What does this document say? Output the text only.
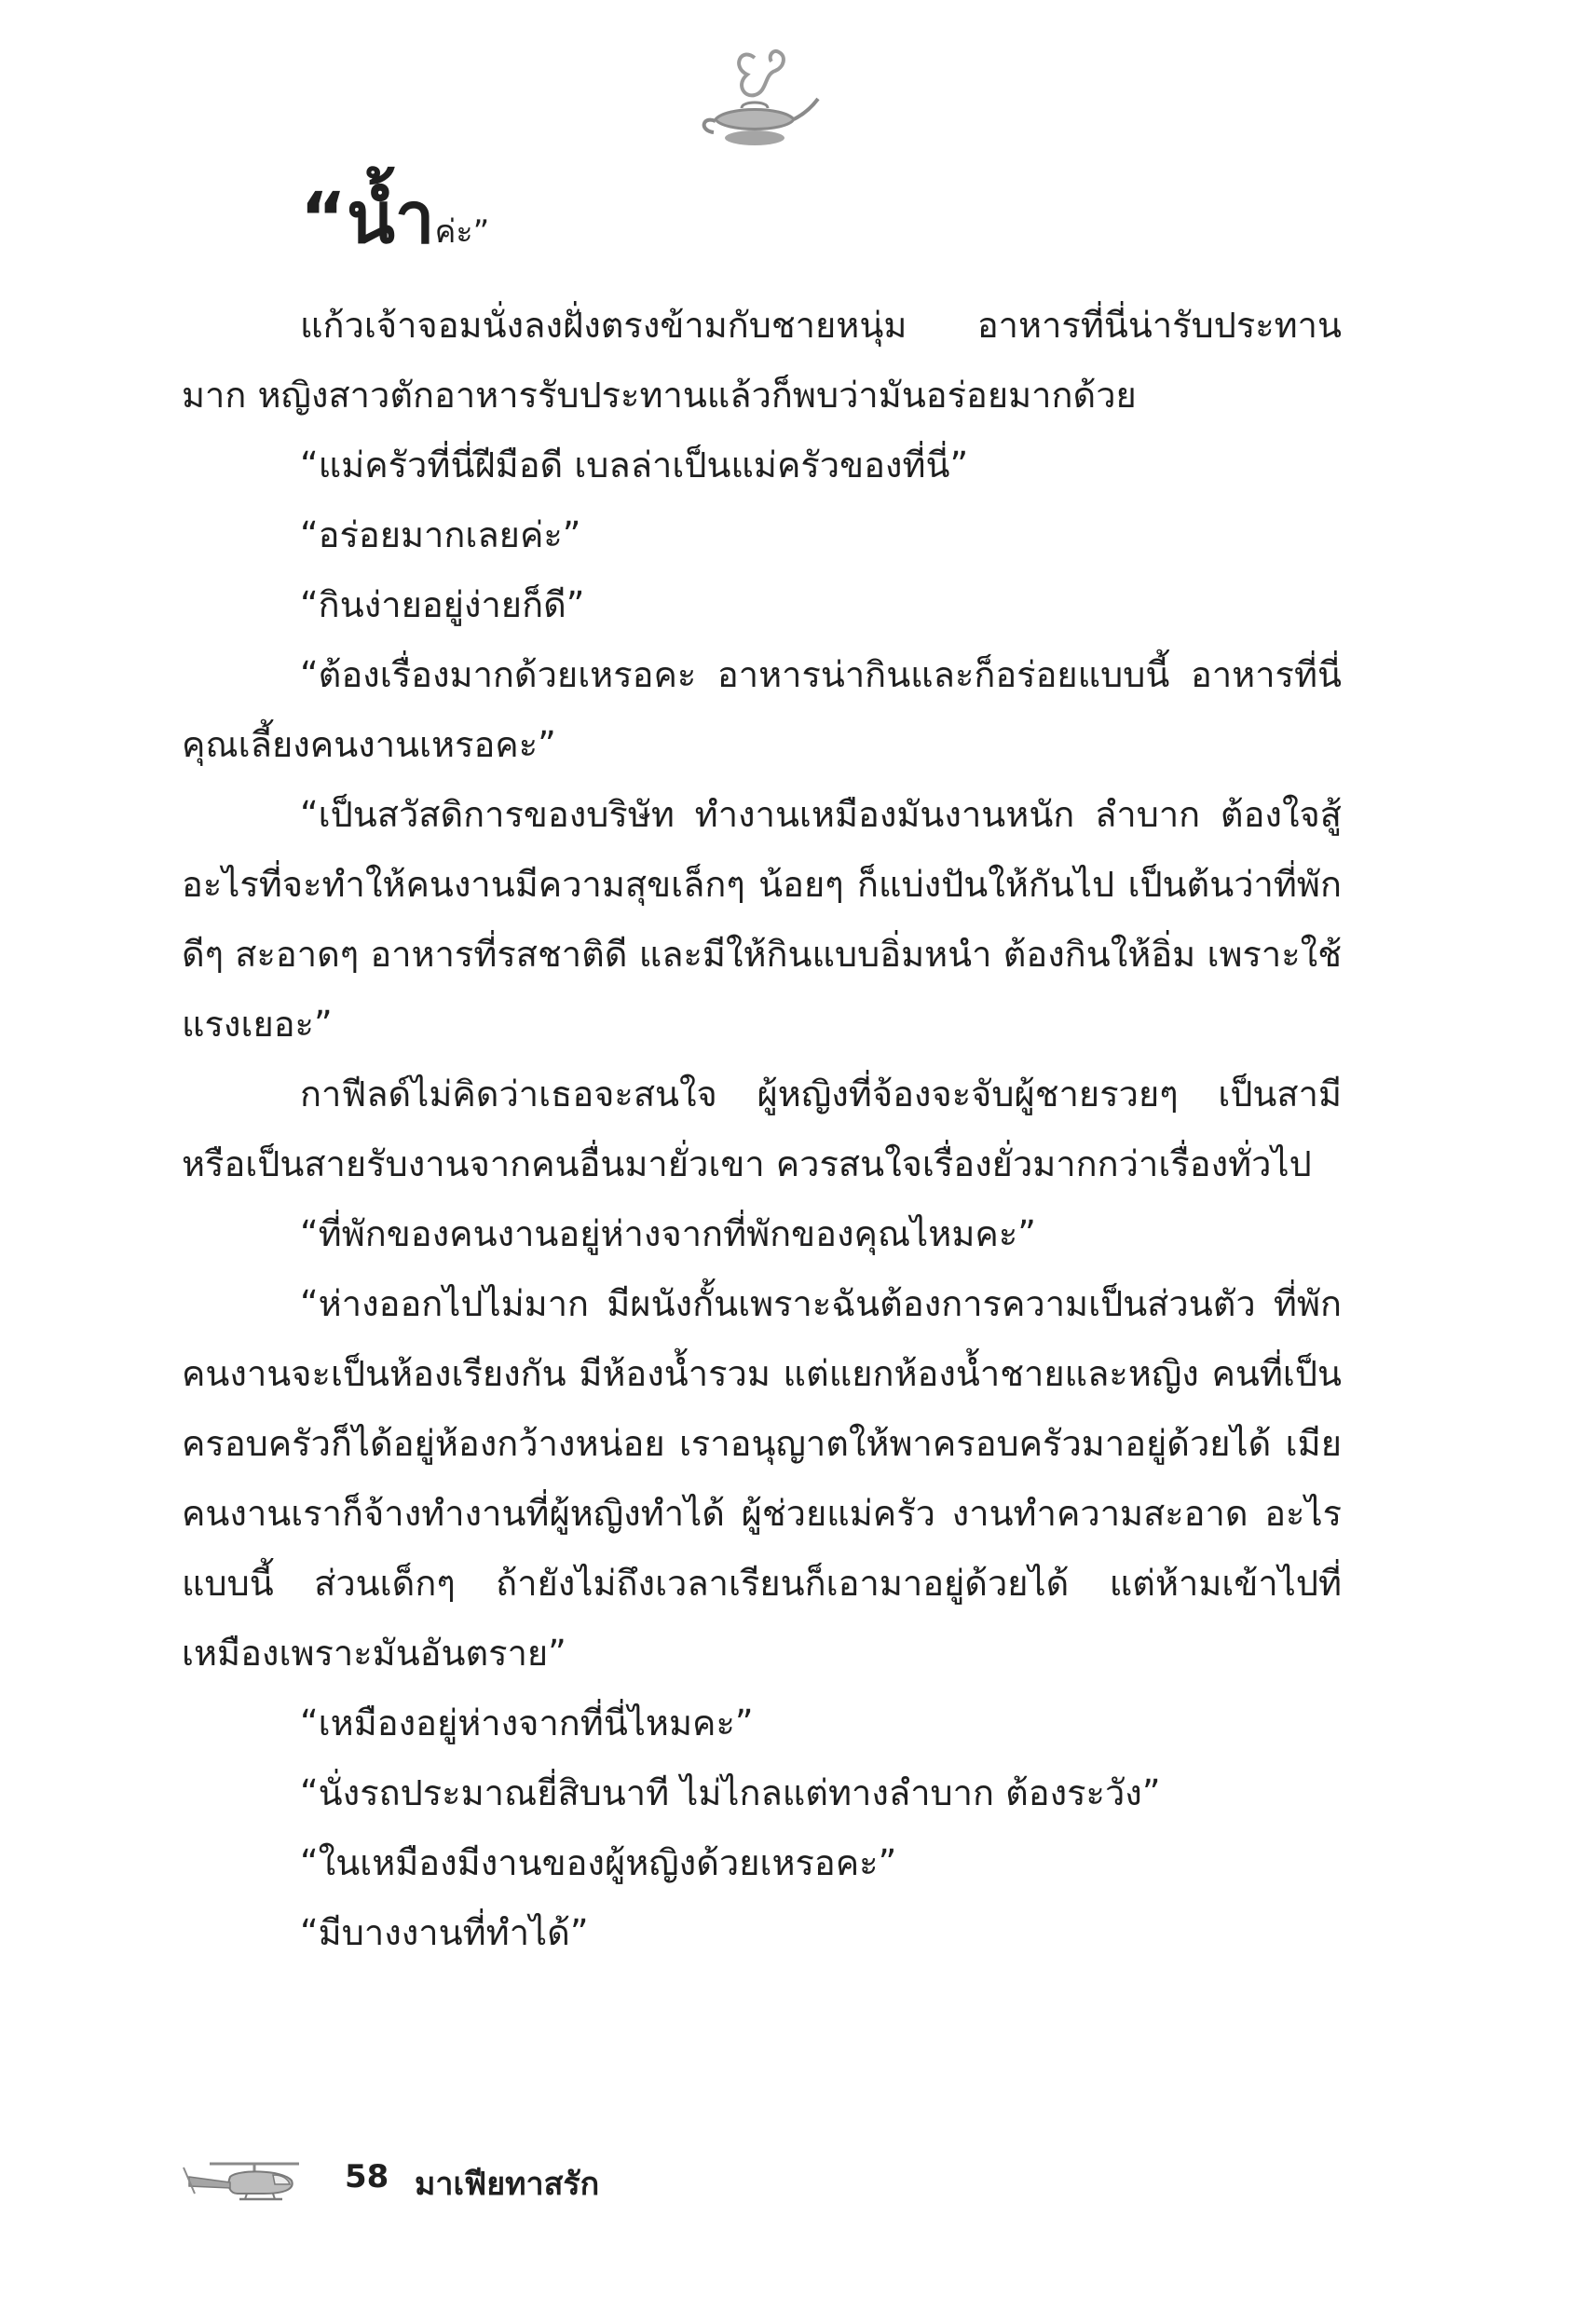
“น้ำค่ะ”

แก้วเจ้าจอมนั่งลงฝั่งตรงข้ามกับชายหนุ่ม อาหารที่นี่น่ารับประทานมาก หญิงสาวตักอาหารรับประทานแล้วก็พบว่ามันอร่อยมากด้วย

“แม่ครัวที่นี่ฝีมือดี เบลล่าเป็นแม่ครัวของที่นี่”

“อร่อยมากเลยค่ะ”

“กินง่ายอยู่ง่ายก็ดี”

“ต้องเรื่องมากด้วยเหรอคะ อาหารน่ากินและก็อร่อยแบบนี้ อาหารที่นี่คุณเลี้ยงคนงานเหรอคะ”

“เป็นสวัสดิการของบริษัท ทำงานเหมืองมันงานหนัก ลำบาก ต้องใจสู้ อะไรที่จะทำให้คนงานมีความสุขเล็กๆ น้อยๆ ก็แบ่งปันให้กันไป เป็นต้นว่าที่พักดีๆ สะอาดๆ อาหารที่รสชาติดี และมีให้กินแบบอิ่มหนำ ต้องกินให้อิ่ม เพราะใช้แรงเยอะ”

กาฟีลด์ไม่คิดว่าเธอจะสนใจ ผู้หญิงที่จ้องจะจับผู้ชายรวยๆ เป็นสามี หรือเป็นสายรับงานจากคนอื่นมายั่วเขา ควรสนใจเรื่องยั่วมากกว่าเรื่องทั่วไป

“ที่พักของคนงานอยู่ห่างจากที่พักของคุณไหมคะ”

“ห่างออกไปไม่มาก มีผนังกั้นเพราะฉันต้องการความเป็นส่วนตัว ที่พักคนงานจะเป็นห้องเรียงกัน มีห้องน้ำรวม แต่แยกห้องน้ำชายและหญิง คนที่เป็นครอบครัวก็ได้อยู่ห้องกว้างหน่อย เราอนุญาตให้พาครอบครัวมาอยู่ด้วยได้ เมียคนงานเราก็จ้างทำงานที่ผู้หญิงทำได้ ผู้ช่วยแม่ครัว งานทำความสะอาด อะไรแบบนี้ ส่วนเด็กๆ ถ้ายังไม่ถึงเวลาเรียนก็เอามาอยู่ด้วยได้ แต่ห้ามเข้าไปที่เหมืองเพราะมันอันตราย”

“เหมืองอยู่ห่างจากที่นี่ไหมคะ”

“นั่งรถประมาณยี่สิบนาที ไม่ไกลแต่ทางลำบาก ต้องระวัง”

“ในเหมืองมีงานของผู้หญิงด้วยเหรอคะ”

“มีบางงานที่ทำได้”

58 มาเฟียทาสรัก
